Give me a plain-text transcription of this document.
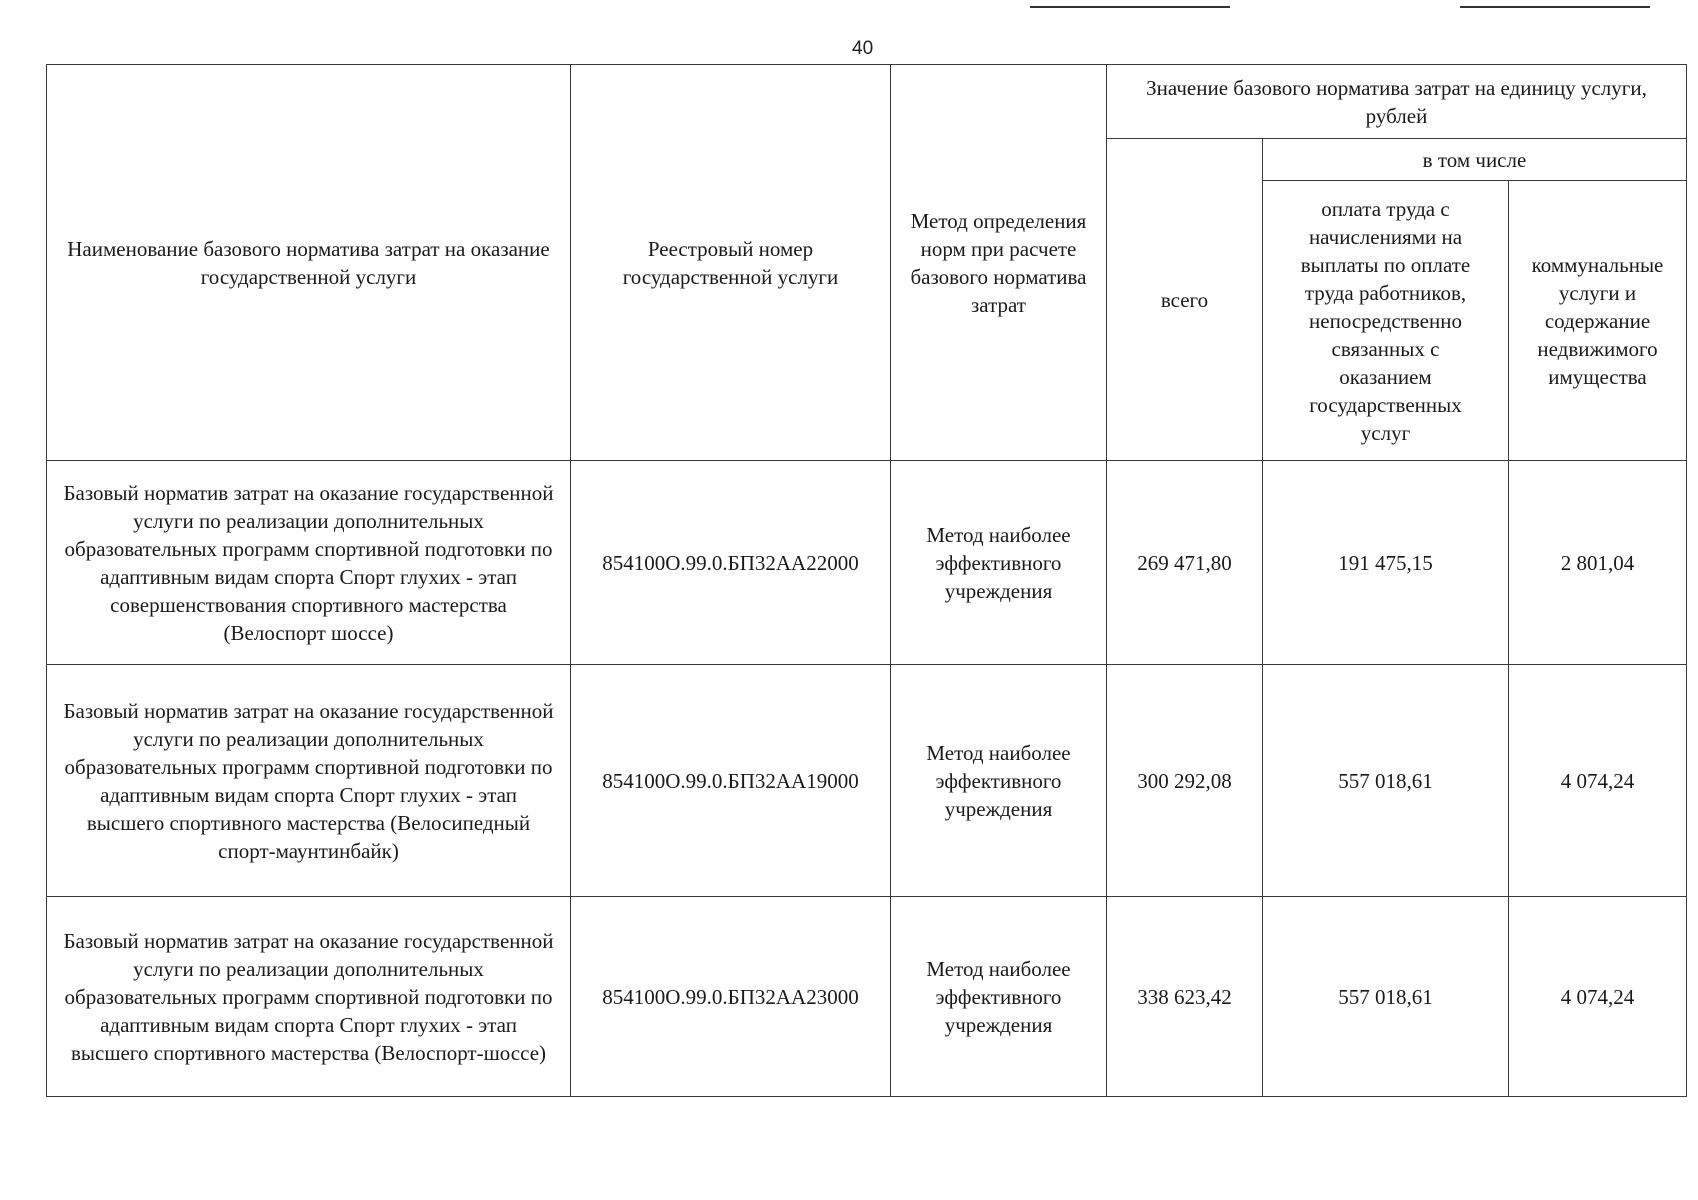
40
Наименование базового норматива затрат на оказание государственной услуги	Реестровый номер государственной услуги	Метод определения норм при расчете базового норматива затрат	Значение базового норматива затрат на единицу услуги, рублей		
			всего	в том числе	
				оплата труда с начислениями на выплаты по оплате труда работников, непосредственно связанных с оказанием государственных услуг	коммунальные услуги и содержание недвижимого имущества
Базовый норматив затрат на оказание государственной услуги по реализации дополнительных образовательных программ спортивной подготовки по адаптивным видам спорта Спорт глухих - этап совершенствования спортивного мастерства (Велоспорт шоссе)	854100О.99.0.БП32АА22000	Метод наиболее эффективного учреждения	269 471,80	191 475,15	2 801,04
Базовый норматив затрат на оказание государственной услуги по реализации дополнительных образовательных программ спортивной подготовки по адаптивным видам спорта Спорт глухих - этап высшего спортивного мастерства (Велосипедный спорт-маунтинбайк)	854100О.99.0.БП32АА19000	Метод наиболее эффективного учреждения	300 292,08	557 018,61	4 074,24
Базовый норматив затрат на оказание государственной услуги по реализации дополнительных образовательных программ спортивной подготовки по адаптивным видам спорта Спорт глухих - этап высшего спортивного мастерства (Велоспорт-шоссе)	854100О.99.0.БП32АА23000	Метод наиболее эффективного учреждения	338 623,42	557 018,61	4 074,24
